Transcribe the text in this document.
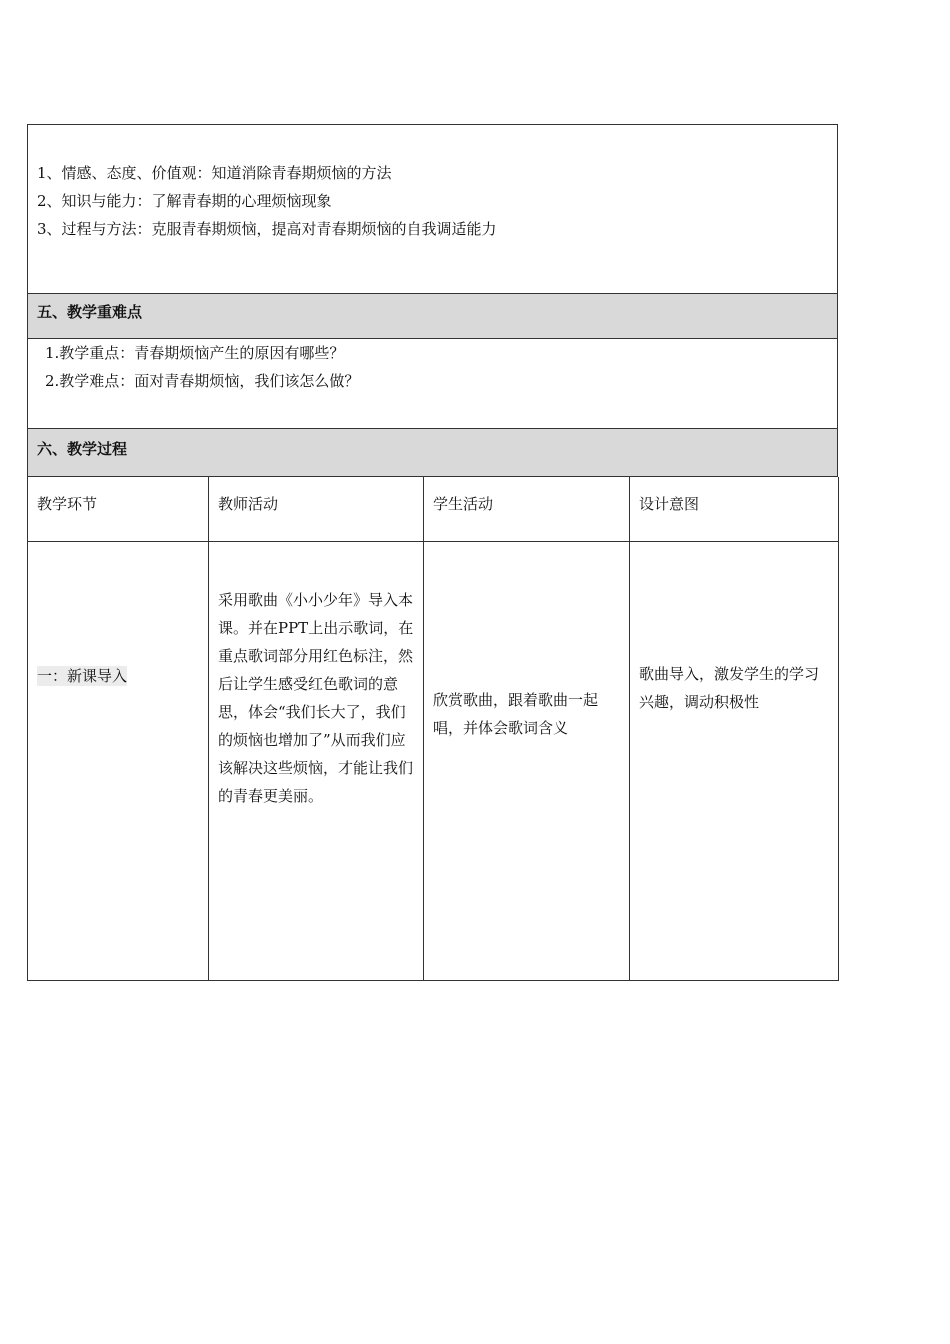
1、情感、态度、价值观：知道消除青春期烦恼的方法
2、知识与能力：了解青春期的心理烦恼现象
3、过程与方法：克服青春期烦恼，提高对青春期烦恼的自我调适能力
五、教学重难点
1.教学重点：青春期烦恼产生的原因有哪些？
2.教学难点：面对青春期烦恼，我们该怎么做？
六、教学过程
教学环节	教师活动	学生活动	设计意图
一：新课导入	采用歌曲《小小少年》导入本课。并在PPT上出示歌词，在重点歌词部分用红色标注，然后让学生感受红色歌词的意思，体会“我们长大了，我们的烦恼也增加了”从而我们应该解决这些烦恼，才能让我们的青春更美丽。	欣赏歌曲，跟着歌曲一起唱，并体会歌词含义	歌曲导入，激发学生的学习兴趣，调动积极性
